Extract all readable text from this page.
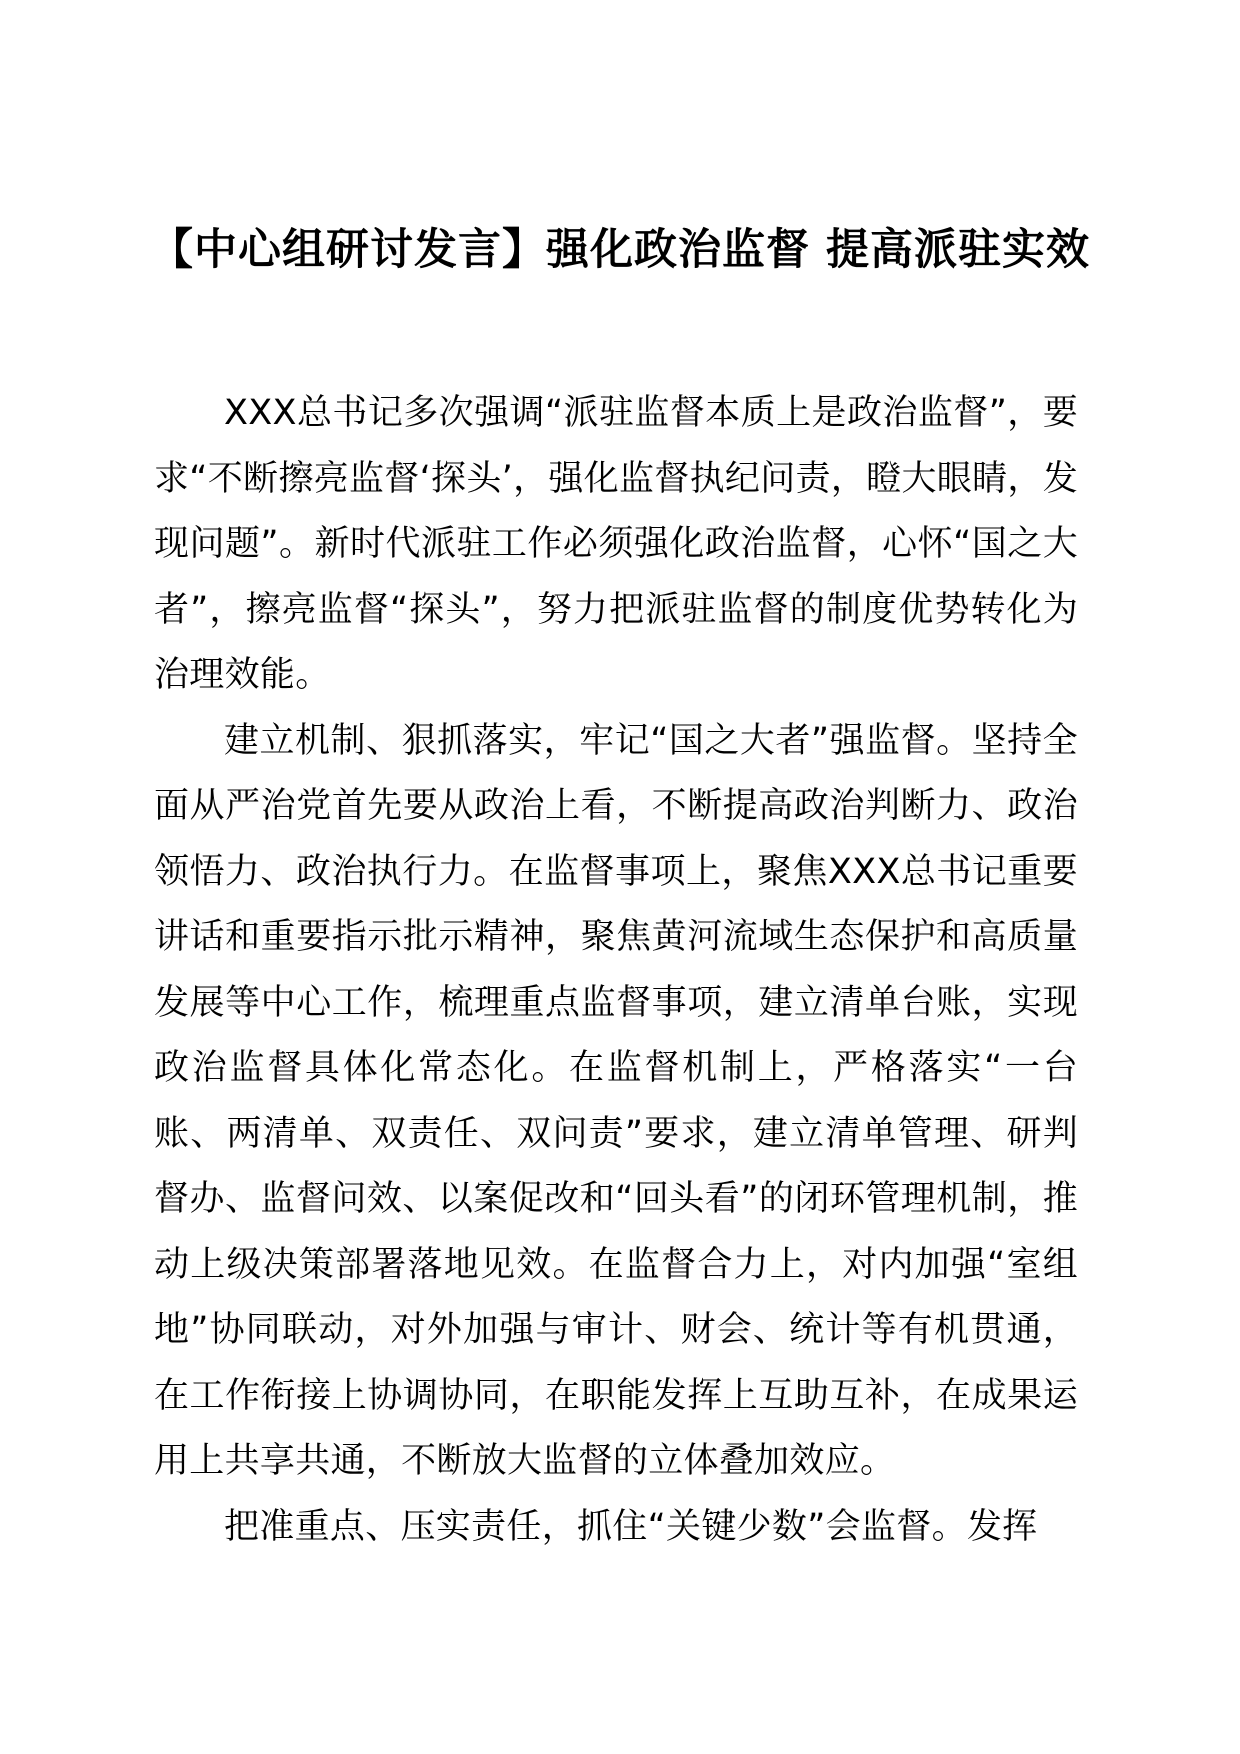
【中心组研讨发言】强化政治监督 提高派驻实效

XXX总书记多次强调“派驻监督本质上是政治监督”，要求“不断擦亮监督‘探头’，强化监督执纪问责，瞪大眼睛，发现问题”。新时代派驻工作必须强化政治监督，心怀“国之大者”，擦亮监督“探头”，努力把派驻监督的制度优势转化为治理效能。

建立机制、狠抓落实，牢记“国之大者”强监督。坚持全面从严治党首先要从政治上看，不断提高政治判断力、政治领悟力、政治执行力。在监督事项上，聚焦XXX总书记重要讲话和重要指示批示精神，聚焦黄河流域生态保护和高质量发展等中心工作，梳理重点监督事项，建立清单台账，实现政治监督具体化常态化。在监督机制上，严格落实“一台账、两清单、双责任、双问责”要求，建立清单管理、研判督办、监督问效、以案促改和“回头看”的闭环管理机制，推动上级决策部署落地见效。在监督合力上，对内加强“室组地”协同联动，对外加强与审计、财会、统计等有机贯通，在工作衔接上协调协同，在职能发挥上互助互补，在成果运用上共享共通，不断放大监督的立体叠加效应。

把准重点、压实责任，抓住“关键少数”会监督。发挥
